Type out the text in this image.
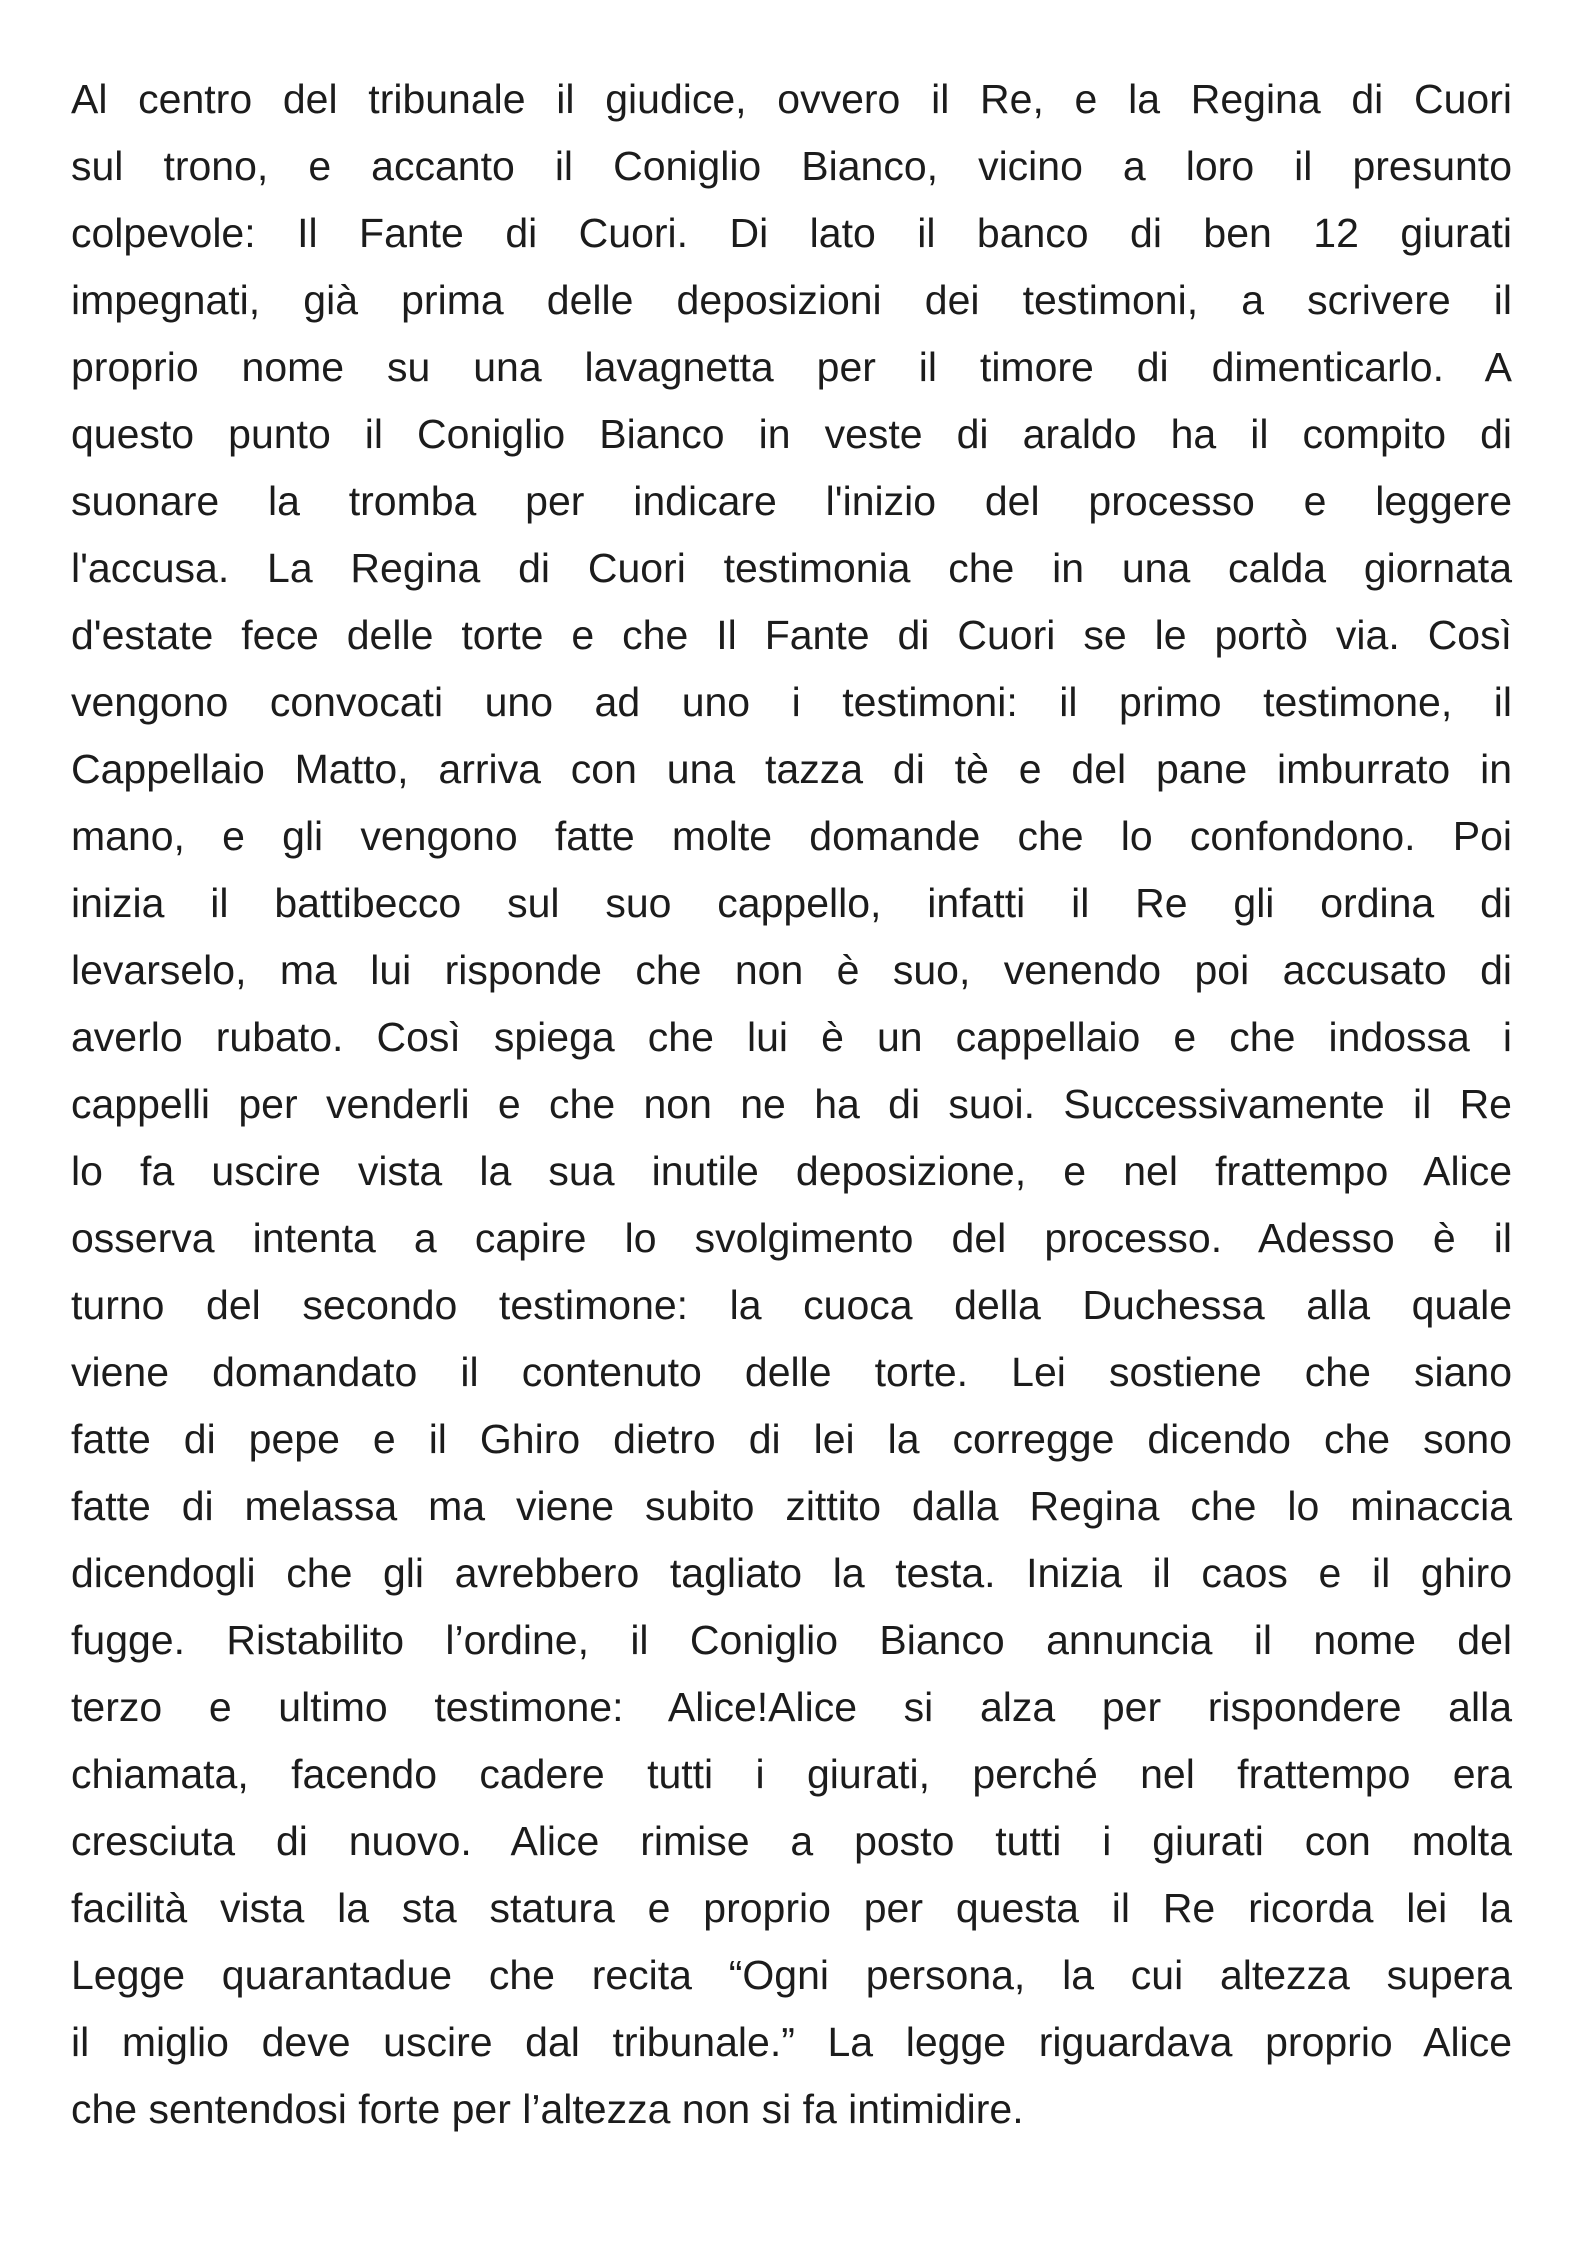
Al centro del tribunale il giudice, ovvero il Re, e la Regina di Cuori
sul trono, e accanto il Coniglio Bianco, vicino a loro il presunto
colpevole: Il Fante di Cuori. Di lato il banco di ben 12 giurati
impegnati, già prima delle deposizioni dei testimoni, a scrivere il
proprio nome su una lavagnetta per il timore di dimenticarlo. A
questo punto il Coniglio Bianco in veste di araldo ha il compito di
suonare la tromba per indicare l'inizio del processo e leggere
l'accusa. La Regina di Cuori testimonia che in una calda giornata
d'estate fece delle torte e che Il Fante di Cuori se le portò via. Così
vengono convocati uno ad uno i testimoni: il primo testimone, il
Cappellaio Matto, arriva con una tazza di tè e del pane imburrato in
mano, e gli vengono fatte molte domande che lo confondono. Poi
inizia il battibecco sul suo cappello, infatti il Re gli ordina di
levarselo, ma lui risponde che non è suo, venendo poi accusato di
averlo rubato. Così spiega che lui è un cappellaio e che indossa i
cappelli per venderli e che non ne ha di suoi. Successivamente il Re
lo fa uscire vista la sua inutile deposizione, e nel frattempo Alice
osserva intenta a capire lo svolgimento del processo. Adesso è il
turno del secondo testimone: la cuoca della Duchessa alla quale
viene domandato il contenuto delle torte. Lei sostiene che siano
fatte di pepe e il Ghiro dietro di lei la corregge dicendo che sono
fatte di melassa ma viene subito zittito dalla Regina che lo minaccia
dicendogli che gli avrebbero tagliato la testa. Inizia il caos e il ghiro
fugge. Ristabilito l’ordine, il Coniglio Bianco annuncia il nome del
terzo e ultimo testimone: Alice!Alice si alza per rispondere alla
chiamata, facendo cadere tutti i giurati, perché nel frattempo era
cresciuta di nuovo. Alice rimise a posto tutti i giurati con molta
facilità vista la sta statura e proprio per questa il Re ricorda lei la
Legge quarantadue che recita “Ogni persona, la cui altezza supera
il miglio deve uscire dal tribunale.” La legge riguardava proprio Alice
che sentendosi forte per l’altezza non si fa intimidire.
